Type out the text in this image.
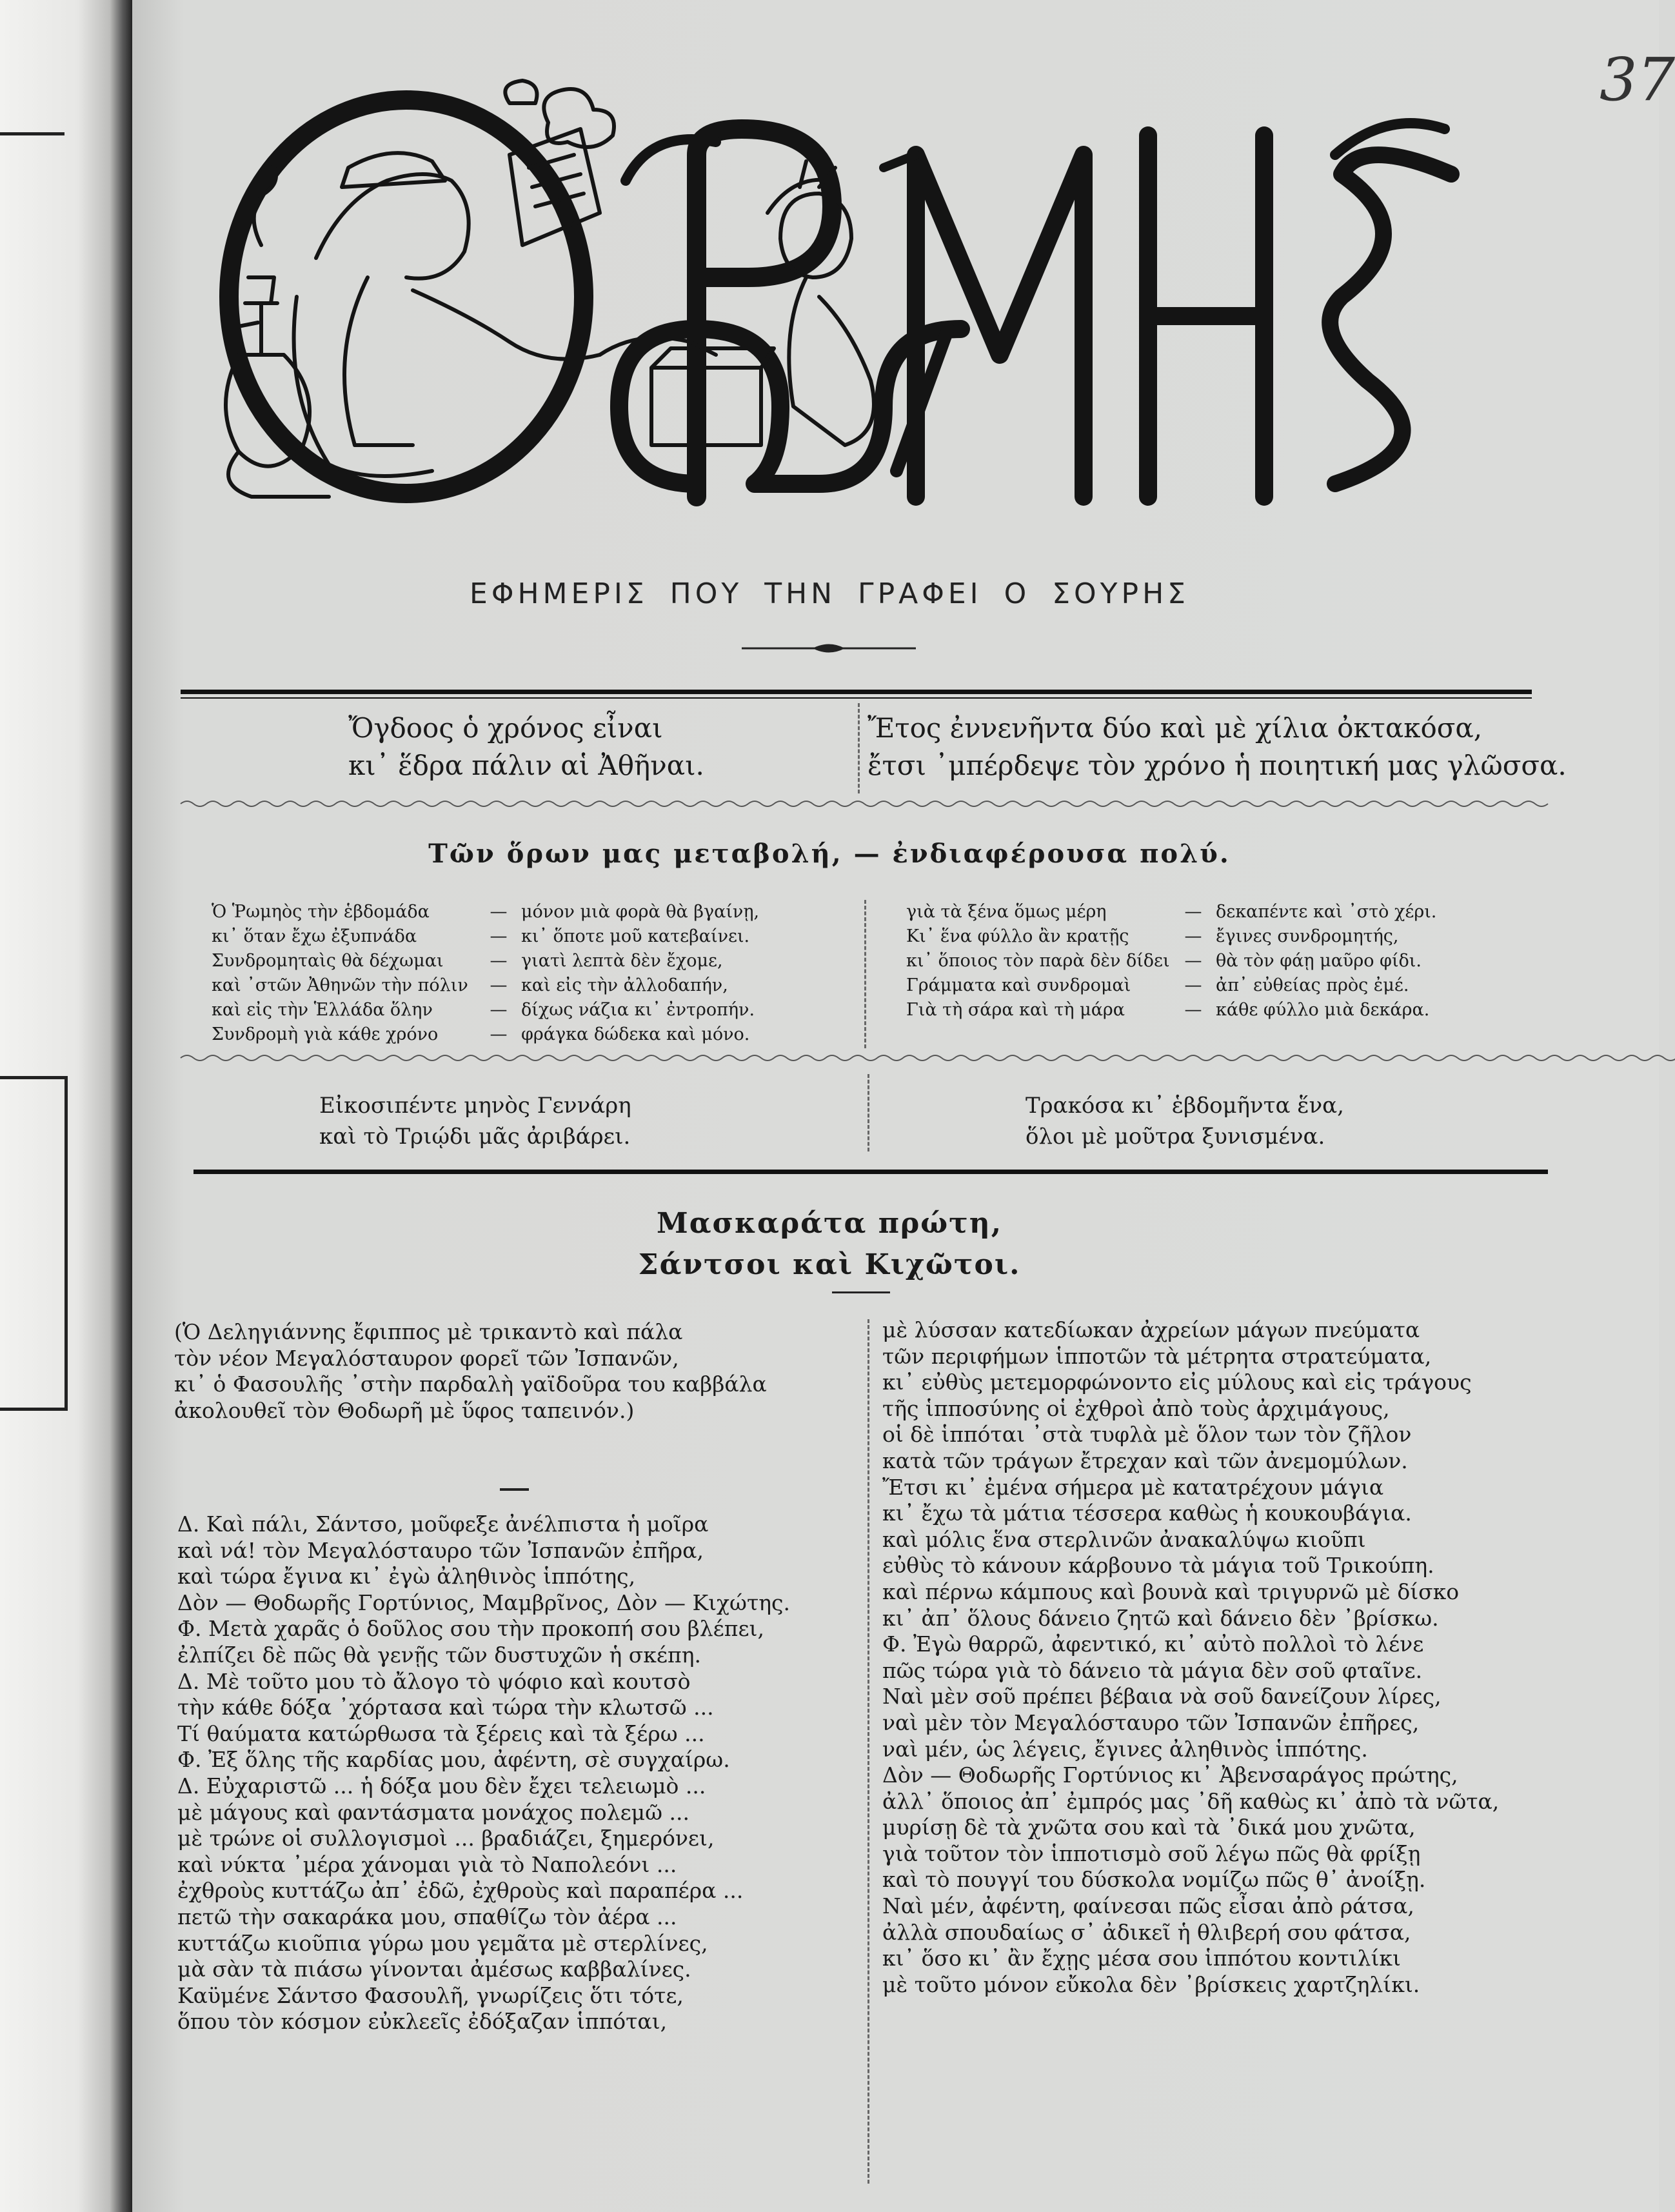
37
ΕΦΗΜΕΡΙΣ ΠΟΥ ΤΗΝ ΓΡΑΦΕΙ Ο ΣΟΥΡΗΣ
Ὄγδοος ὁ χρόνος εἶναι
κι᾽ ἕδρα πάλιν αἱ Ἀθῆναι.
Ἔτος ἐννενῆντα δύο καὶ μὲ χίλια ὀκτακόσα,
ἔτσι ᾽μπέρδεψε τὸν χρόνο ἡ ποιητική μας γλῶσσα.
Τῶν ὅρων μας μεταβολή, — ἐνδιαφέρουσα πολύ.
Ὁ Ῥωμηὸς τὴν ἑβδομάδα	— μόνον μιὰ φορὰ θὰ βγαίνῃ,
κι᾽ ὅταν ἔχω ἐξυπνάδα	— κι᾽ ὅποτε μοῦ κατεβαίνει.
Συνδρομηταὶς θὰ δέχωμαι	— γιατὶ λεπτὰ δὲν ἔχομε,
καὶ ᾽στῶν Ἀθηνῶν τὴν πόλιν	— καὶ εἰς τὴν ἀλλοδαπήν,
καὶ εἰς τὴν Ἑλλάδα ὅλην	— δίχως νάζια κι᾽ ἐντροπήν.
Συνδρομὴ γιὰ κάθε χρόνο	— φράγκα δώδεκα καὶ μόνο.
γιὰ τὰ ξένα ὅμως μέρη	— δεκαπέντε καὶ ᾽στὸ χέρι.
Κι᾽ ἕνα φύλλο ἂν κρατῇς	— ἔγινες συνδρομητής,
κι᾽ ὅποιος τὸν παρὰ δὲν δίδει — θὰ τὸν φάῃ μαῦρο φίδι.
Γράμματα καὶ συνδρομαὶ	— ἀπ᾽ εὐθείας πρὸς ἐμέ.
Γιὰ τὴ σάρα καὶ τὴ μάρα	— κάθε φύλλο μιὰ δεκάρα.
Εἰκοσιπέντε μηνὸς Γεννάρη
καὶ τὸ Τριῴδι μᾶς ἀριβάρει.
Τρακόσα κι᾽ ἑβδομῆντα ἕνα,
ὅλοι μὲ μοῦτρα ξυνισμένα.
Μασκαράτα πρώτη,
Σάντσοι καὶ Κιχῶτοι.
(Ὁ Δεληγιάννης ἔφιππος μὲ τρικαντὸ καὶ πάλα
τὸν νέον Μεγαλόσταυρον φορεῖ τῶν Ἰσπανῶν,
κι᾽ ὁ Φασουλῆς ᾽στὴν παρδαλὴ γαϊδοῦρα του καββάλα
ἀκολουθεῖ τὸν Θοδωρῆ μὲ ὕφος ταπεινόν.)
Δ. Καὶ πάλι, Σάντσο, μοῦφεξε ἀνέλπιστα ἡ μοῖρα
καὶ νά! τὸν Μεγαλόσταυρο τῶν Ἰσπανῶν ἐπῆρα,
καὶ τώρα ἔγινα κι᾽ ἐγὼ ἀληθινὸς ἱππότης,
Δὸν — Θοδωρῆς Γορτύνιος, Μαμβρῖνος, Δὸν — Κιχώτης.
Φ. Μετὰ χαρᾶς ὁ δοῦλος σου τὴν προκοπή σου βλέπει,
ἐλπίζει δὲ πῶς θὰ γενῇς τῶν δυστυχῶν ἡ σκέπη.
Δ. Μὲ τοῦτο μου τὸ ἄλογο τὸ ψόφιο καὶ κουτσὸ
τὴν κάθε δόξα ᾽χόρτασα καὶ τώρα τὴν κλωτσῶ ...
Τί θαύματα κατώρθωσα τὰ ξέρεις καὶ τὰ ξέρω ...
Φ. Ἐξ ὅλης τῆς καρδίας μου, ἀφέντη, σὲ συγχαίρω.
Δ. Εὐχαριστῶ ... ἡ δόξα μου δὲν ἔχει τελειωμὸ ...
μὲ μάγους καὶ φαντάσματα μονάχος πολεμῶ ...
μὲ τρώνε οἱ συλλογισμοὶ ... βραδιάζει, ξημερόνει,
καὶ νύκτα ᾽μέρα χάνομαι γιὰ τὸ Ναπολεόνι ...
ἐχθροὺς κυττάζω ἀπ᾽ ἐδῶ, ἐχθροὺς καὶ παραπέρα ...
πετῶ τὴν σακαράκα μου, σπαθίζω τὸν ἀέρα ...
κυττάζω κιοῦπια γύρω μου γεμᾶτα μὲ στερλίνες,
μὰ σὰν τὰ πιάσω γίνονται ἀμέσως καββαλίνες.
Καϋμένε Σάντσο Φασουλῆ, γνωρίζεις ὅτι τότε,
ὅπου τὸν κόσμον εὐκλεεῖς ἐδόξαζαν ἱππόται,
μὲ λύσσαν κατεδίωκαν ἀχρείων μάγων πνεύματα
τῶν περιφήμων ἱπποτῶν τὰ μέτρητα στρατεύματα,
κι᾽ εὐθὺς μετεμορφώνοντο εἰς μύλους καὶ εἰς τράγους
τῆς ἱπποσύνης οἱ ἐχθροὶ ἀπὸ τοὺς ἀρχιμάγους,
οἱ δὲ ἱππόται ᾽στὰ τυφλὰ μὲ ὅλον των τὸν ζῆλον
κατὰ τῶν τράγων ἔτρεχαν καὶ τῶν ἀνεμομύλων.
Ἔτσι κι᾽ ἐμένα σήμερα μὲ κατατρέχουν μάγια
κι᾽ ἔχω τὰ μάτια τέσσερα καθὼς ἡ κουκουβάγια.
καὶ μόλις ἕνα στερλινῶν ἀνακαλύψω κιοῦπι
εὐθὺς τὸ κάνουν κάρβουνο τὰ μάγια τοῦ Τρικούπη.
καὶ πέρνω κάμπους καὶ βουνὰ καὶ τριγυρνῶ μὲ δίσκο
κι᾽ ἀπ᾽ ὅλους δάνειο ζητῶ καὶ δάνειο δὲν ᾽βρίσκω.
Φ. Ἐγὼ θαρρῶ, ἀφεντικό, κι᾽ αὐτὸ πολλοὶ τὸ λένε
πῶς τώρα γιὰ τὸ δάνειο τὰ μάγια δὲν σοῦ φταῖνε.
Ναὶ μὲν σοῦ πρέπει βέβαια νὰ σοῦ δανείζουν λίρες,
ναὶ μὲν τὸν Μεγαλόσταυρο τῶν Ἰσπανῶν ἐπῆρες,
ναὶ μέν, ὡς λέγεις, ἔγινες ἀληθινὸς ἱππότης.
Δὸν — Θοδωρῆς Γορτύνιος κι᾽ Ἀβενσαράγος πρώτης,
ἀλλ᾽ ὅποιος ἀπ᾽ ἐμπρός μας ᾽δῆ καθὼς κι᾽ ἀπὸ τὰ νῶτα,
μυρίσῃ δὲ τὰ χνῶτα σου καὶ τὰ ᾽δικά μου χνῶτα,
γιὰ τοῦτον τὸν ἱπποτισμὸ σοῦ λέγω πῶς θὰ φρίξῃ
καὶ τὸ πουγγί του δύσκολα νομίζω πῶς θ᾽ ἀνοίξῃ.
Ναὶ μέν, ἀφέντη, φαίνεσαι πῶς εἶσαι ἀπὸ ράτσα,
ἀλλὰ σπουδαίως σ᾽ ἀδικεῖ ἡ θλιβερή σου φάτσα,
κι᾽ ὅσο κι᾽ ἂν ἔχῃς μέσα σου ἱππότου κοντιλίκι
μὲ τοῦτο μόνον εὔκολα δὲν ᾽βρίσκεις χαρτζηλίκι.
